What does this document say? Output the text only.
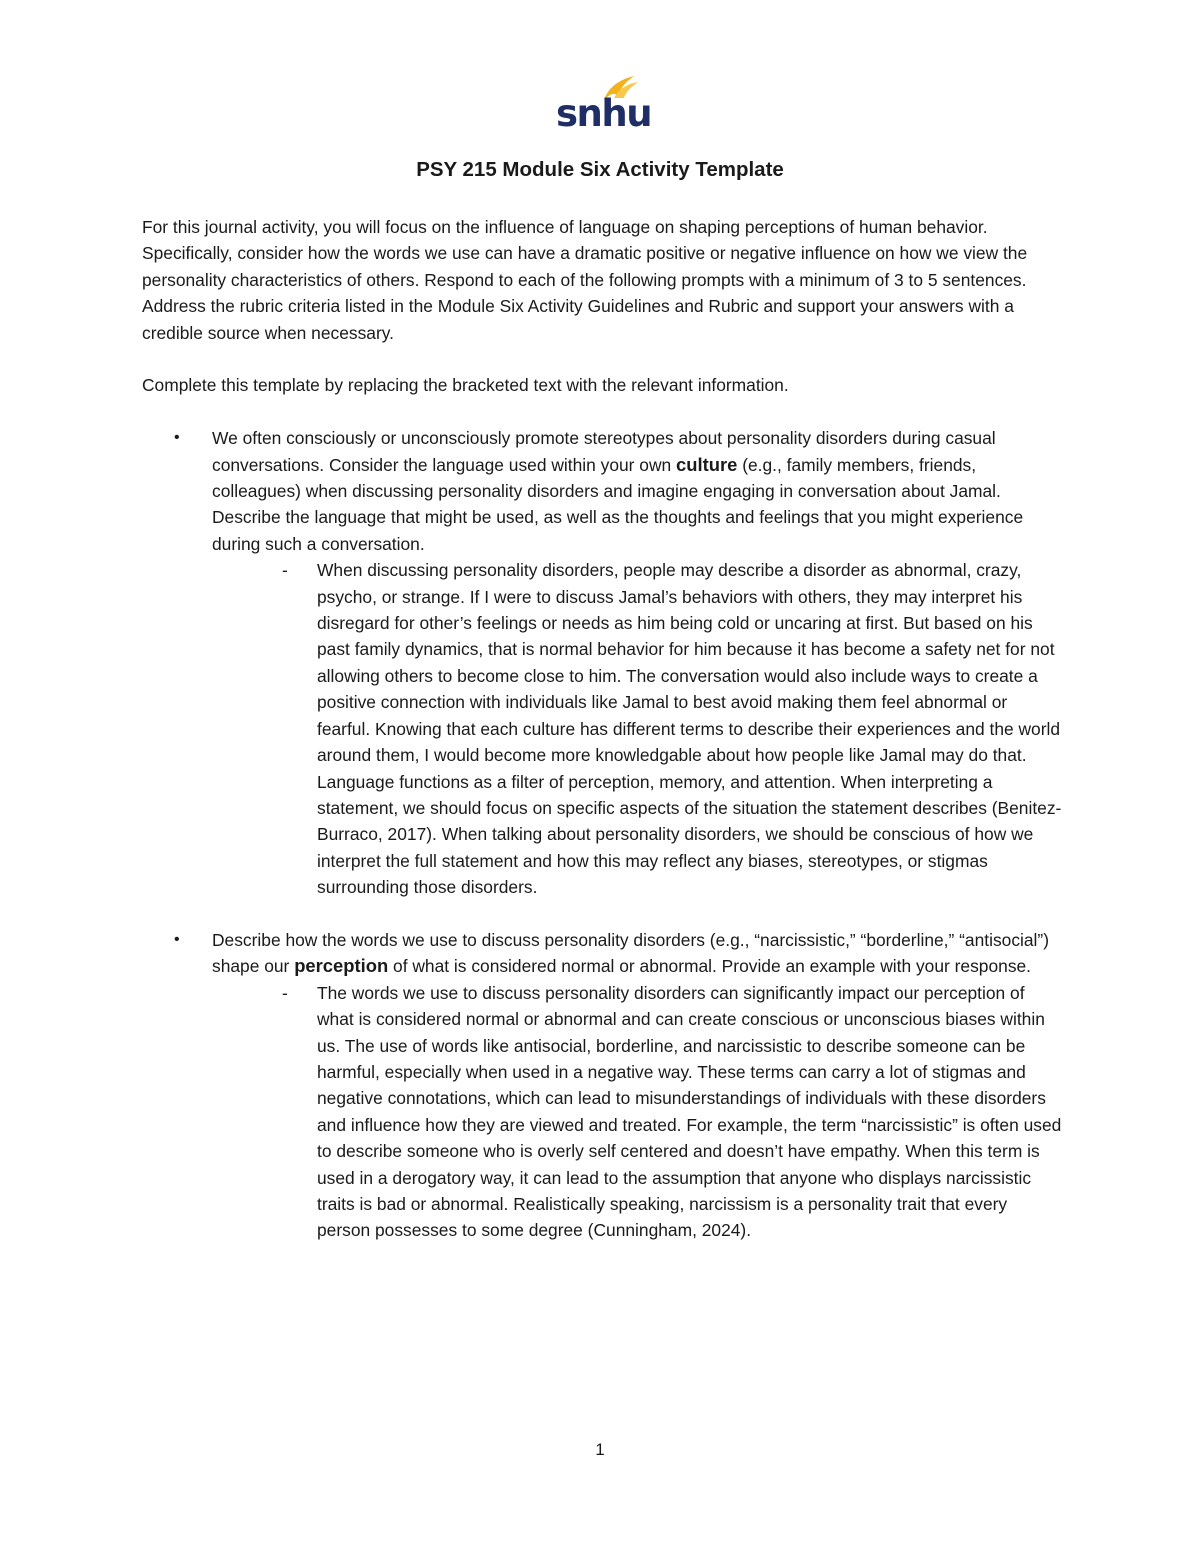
snhu
PSY 215 Module Six Activity Template

For this journal activity, you will focus on the influence of language on shaping perceptions of human behavior. Specifically, consider how the words we use can have a dramatic positive or negative influence on how we view the personality characteristics of others. Respond to each of the following prompts with a minimum of 3 to 5 sentences. Address the rubric criteria listed in the Module Six Activity Guidelines and Rubric and support your answers with a credible source when necessary.

Complete this template by replacing the bracketed text with the relevant information.

• We often consciously or unconsciously promote stereotypes about personality disorders during casual conversations. Consider the language used within your own culture (e.g., family members, friends, colleagues) when discussing personality disorders and imagine engaging in conversation about Jamal. Describe the language that might be used, as well as the thoughts and feelings that you might experience during such a conversation.

- When discussing personality disorders, people may describe a disorder as abnormal, crazy, psycho, or strange. If I were to discuss Jamal’s behaviors with others, they may interpret his disregard for other’s feelings or needs as him being cold or uncaring at first. But based on his past family dynamics, that is normal behavior for him because it has become a safety net for not allowing others to become close to him. The conversation would also include ways to create a positive connection with individuals like Jamal to best avoid making them feel abnormal or fearful. Knowing that each culture has different terms to describe their experiences and the world around them, I would become more knowledgable about how people like Jamal may do that. Language functions as a filter of perception, memory, and attention. When interpreting a statement, we should focus on specific aspects of the situation the statement describes (Benitez-Burraco, 2017). When talking about personality disorders, we should be conscious of how we interpret the full statement and how this may reflect any biases, stereotypes, or stigmas surrounding those disorders.

• Describe how the words we use to discuss personality disorders (e.g., “narcissistic,” “borderline,” “antisocial”) shape our perception of what is considered normal or abnormal. Provide an example with your response.

- The words we use to discuss personality disorders can significantly impact our perception of what is considered normal or abnormal and can create conscious or unconscious biases within us. The use of words like antisocial, borderline, and narcissistic to describe someone can be harmful, especially when used in a negative way. These terms can carry a lot of stigmas and negative connotations, which can lead to misunderstandings of individuals with these disorders and influence how they are viewed and treated. For example, the term “narcissistic” is often used to describe someone who is overly self centered and doesn’t have empathy. When this term is used in a derogatory way, it can lead to the assumption that anyone who displays narcissistic traits is bad or abnormal. Realistically speaking, narcissism is a personality trait that every person possesses to some degree (Cunningham, 2024).

1
